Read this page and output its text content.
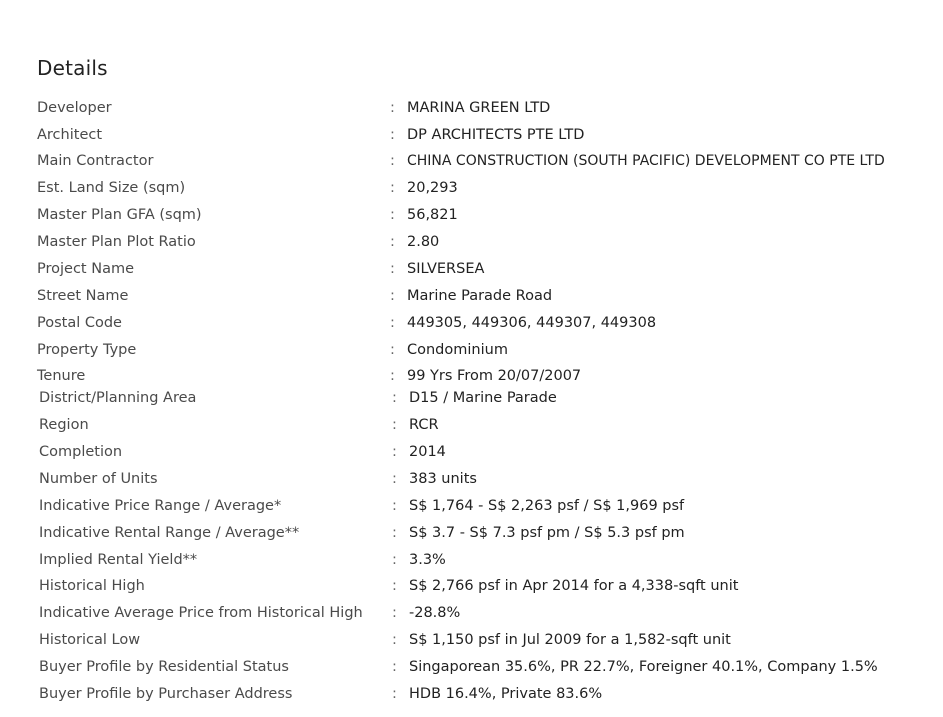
Details
Developer	: MARINA GREEN LTD
Architect	: DP ARCHITECTS PTE LTD
Main Contractor	: CHINA CONSTRUCTION (SOUTH PACIFIC) DEVELOPMENT CO PTE LTD
Est. Land Size (sqm)	: 20,293
Master Plan GFA (sqm)	: 56,821
Master Plan Plot Ratio	: 2.80
Project Name	: SILVERSEA
Street Name	: Marine Parade Road
Postal Code	: 449305, 449306, 449307, 449308
Property Type	: Condominium
Tenure	: 99 Yrs From 20/07/2007
District/Planning Area	: D15 / Marine Parade
Region	: RCR
Completion	: 2014
Number of Units	: 383 units
Indicative Price Range / Average*	: S$ 1,764 - S$ 2,263 psf / S$ 1,969 psf
Indicative Rental Range / Average**	: S$ 3.7 - S$ 7.3 psf pm / S$ 5.3 psf pm
Implied Rental Yield**	: 3.3%
Historical High	: S$ 2,766 psf in Apr 2014 for a 4,338-sqft unit
Indicative Average Price from Historical High : -28.8%
Historical Low	: S$ 1,150 psf in Jul 2009 for a 1,582-sqft unit
Buyer Profile by Residential Status	: Singaporean 35.6%, PR 22.7%, Foreigner 40.1%, Company 1.5%
Buyer Profile by Purchaser Address	: HDB 16.4%, Private 83.6%
